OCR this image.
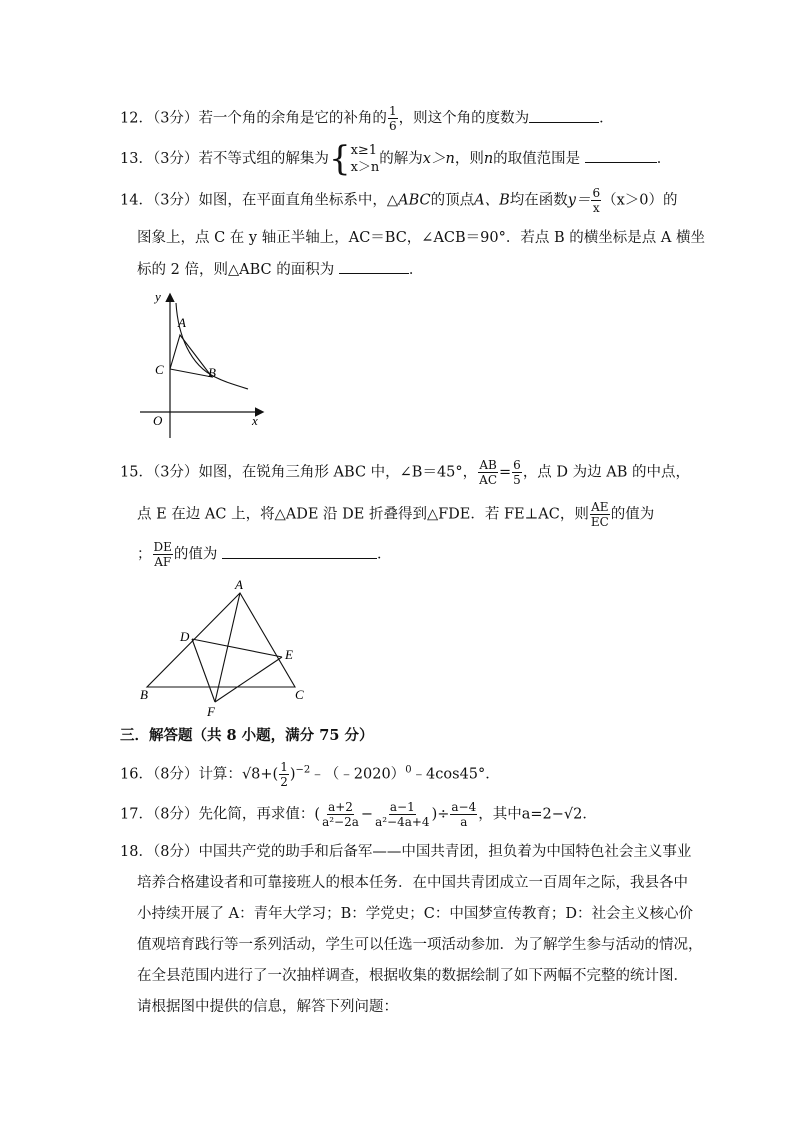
12．（3分）若一个角的余角是它的补角的 $\frac{1}{6}$ ，则这个角的度数为	．
13．（3分）若不等式组的解集为{ x≥1
x＞n
的解为x＞n，则n的取值范围是	．
14．（3分）如图，在平面直角坐标系中，△ABC的顶点A、B均在函数$y= \frac{6}{x} (x>0)$的
图象上，点 C 在 y 轴正半轴上，AC＝BC，∠ACB＝90°．若点 B 的横坐标是点 A 横坐
标的 2 倍，则△ABC 的面积为	．
y
x
O
A
B
C
15．（3分）如图，在锐角三角形 ABC 中，∠B＝45°， $\frac{AB}{AC} = \frac{6}{5}$ ，点 D 为边 AB 的中点，
点 E 在边 AC 上，将△ADE 沿 DE 折叠得到△FDE．若 FE⊥AC，则 $\frac{AE}{EC}$ 的值为
； $\frac{DE}{AF}$ 的值为	．
A
B	C
D
E
F
三．解答题（共 8 小题，满分 75 分）
16．（8分）计算：$√8+( \frac{1}{2}$ )$^{-2}﹣(﹣2020)^0﹣4\cos 45^\circ$．
17．（8分）先化简，再求值：( $\frac{a+2}{\text{a²−2a}} - \frac{a-1}{\text{a²−4a+4}}$ )÷ $\frac{a-4}{a}$ ，其中a=2−√2．
18．（8分）中国共产党的助手和后备军——中国共青团，担负着为中国特色社会主义事业
培养合格建设者和可靠接班人的根本任务．在中国共青团成立一百周年之际，我县各中
小持续开展了 A：青年大学习；B：学党史；C：中国梦宣传教育；D：社会主义核心价
值观培育践行等一系列活动，学生可以任选一项活动参加．为了解学生参与活动的情况，
在全县范围内进行了一次抽样调查，根据收集的数据绘制了如下两幅不完整的统计图．
请根据图中提供的信息，解答下列问题：
